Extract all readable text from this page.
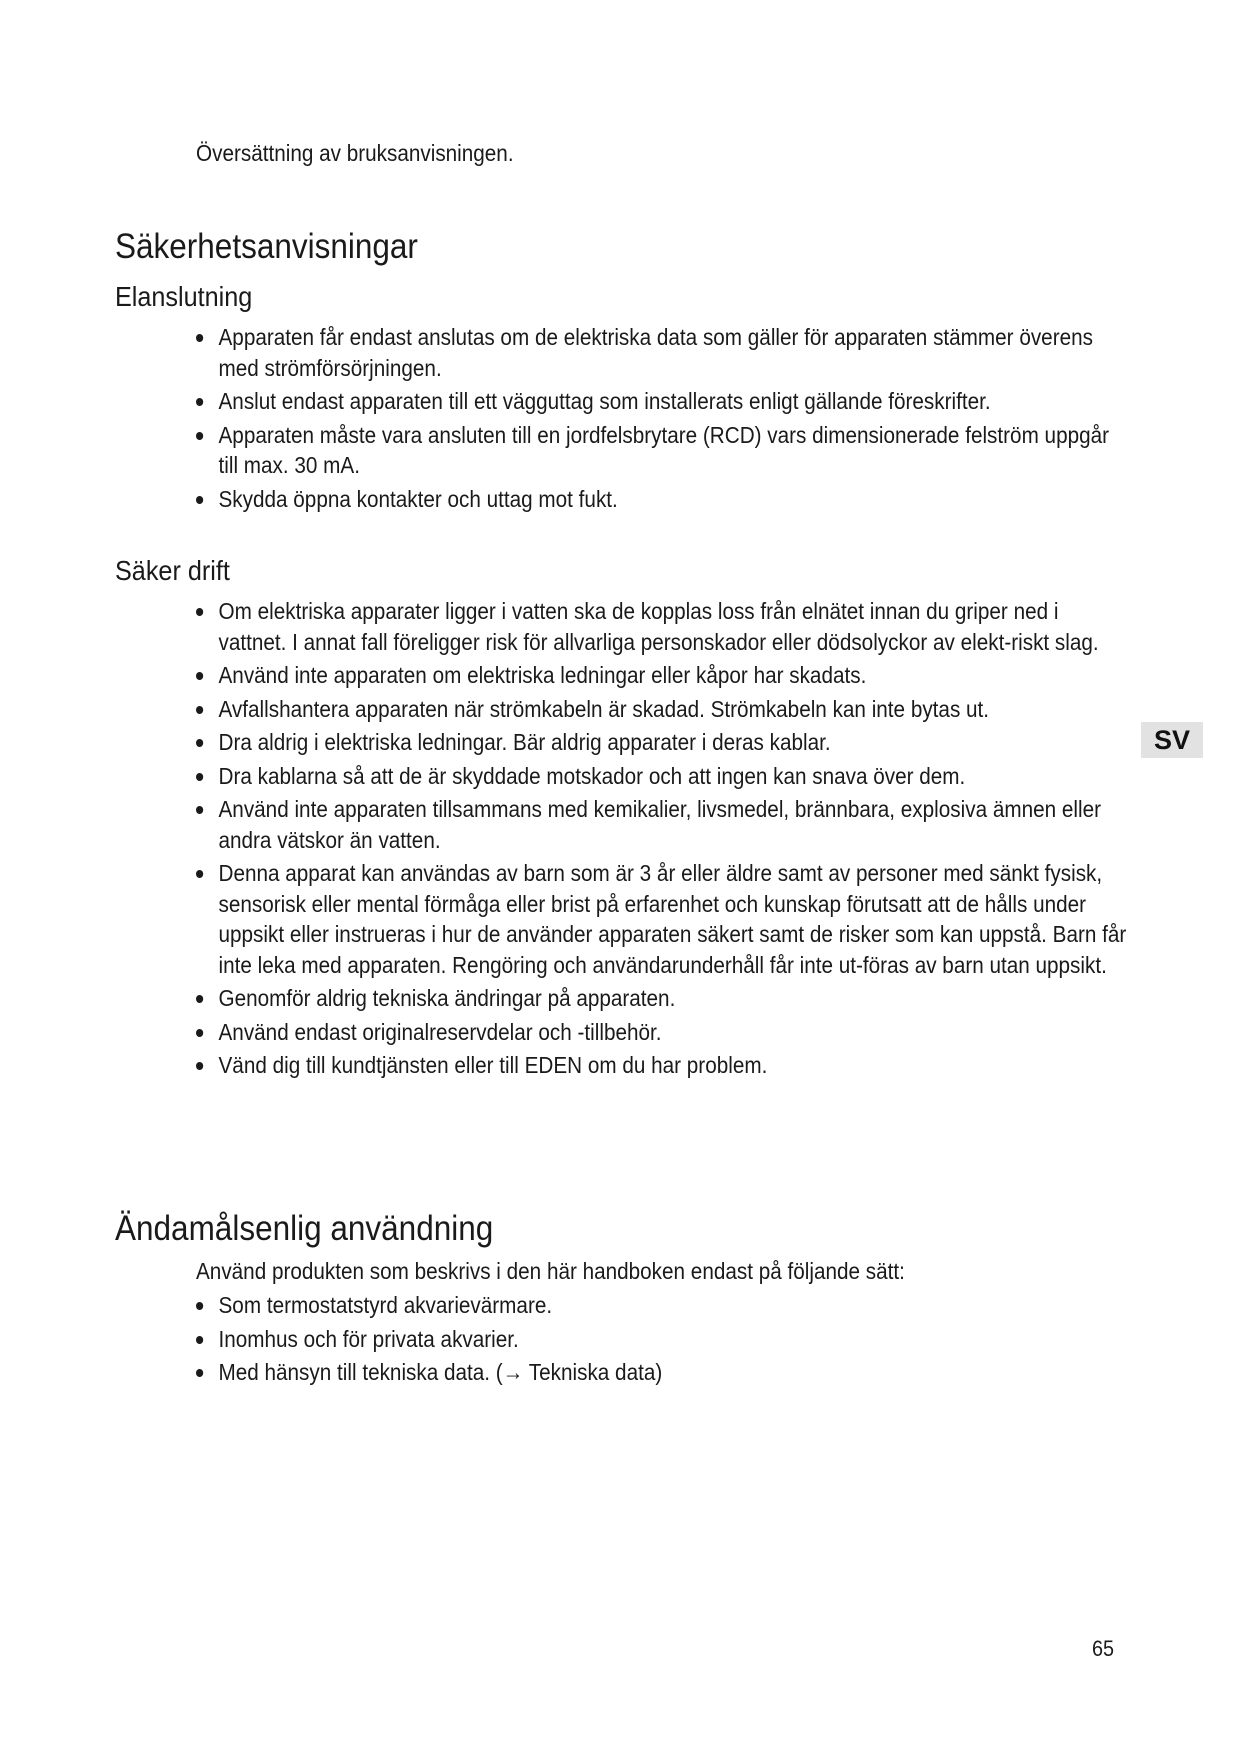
Översättning av bruksanvisningen.

Säkerhetsanvisningar
Elanslutning
Apparaten får endast anslutas om de elektriska data som gäller för apparaten stämmer överens med strömförsörjningen.
Anslut endast apparaten till ett vägguttag som installerats enligt gällande föreskrifter.
Apparaten måste vara ansluten till en jordfelsbrytare (RCD) vars dimensionerade felström uppgår till max. 30 mA.
Skydda öppna kontakter och uttag mot fukt.
Säker drift
Om elektriska apparater ligger i vatten ska de kopplas loss från elnätet innan du griper ned i vattnet. I annat fall föreligger risk för allvarliga personskador eller dödsolyckor av elekt-riskt slag.
Använd inte apparaten om elektriska ledningar eller kåpor har skadats.
Avfallshantera apparaten när strömkabeln är skadad. Strömkabeln kan inte bytas ut.
Dra aldrig i elektriska ledningar. Bär aldrig apparater i deras kablar.
Dra kablarna så att de är skyddade motskador och att ingen kan snava över dem.
Använd inte apparaten tillsammans med kemikalier, livsmedel, brännbara, explosiva ämnen eller andra vätskor än vatten.
Denna apparat kan användas av barn som är 3 år eller äldre samt av personer med sänkt fysisk, sensorisk eller mental förmåga eller brist på erfarenhet och kunskap förutsatt att de hålls under uppsikt eller instrueras i hur de använder apparaten säkert samt de risker som kan uppstå. Barn får inte leka med apparaten. Rengöring och användarunderhåll får inte ut-föras av barn utan uppsikt.
Genomför aldrig tekniska ändringar på apparaten.
Använd endast originalreservdelar och -tillbehör.
Vänd dig till kundtjänsten eller till EDEN om du har problem.
Ändamålsenlig användning

Använd produkten som beskrivs i den här handboken endast på följande sätt:

Som termostatstyrd akvarievärmare.
Inomhus och för privata akvarier.
Med hänsyn till tekniska data. (→ Tekniska data)
SV
65
